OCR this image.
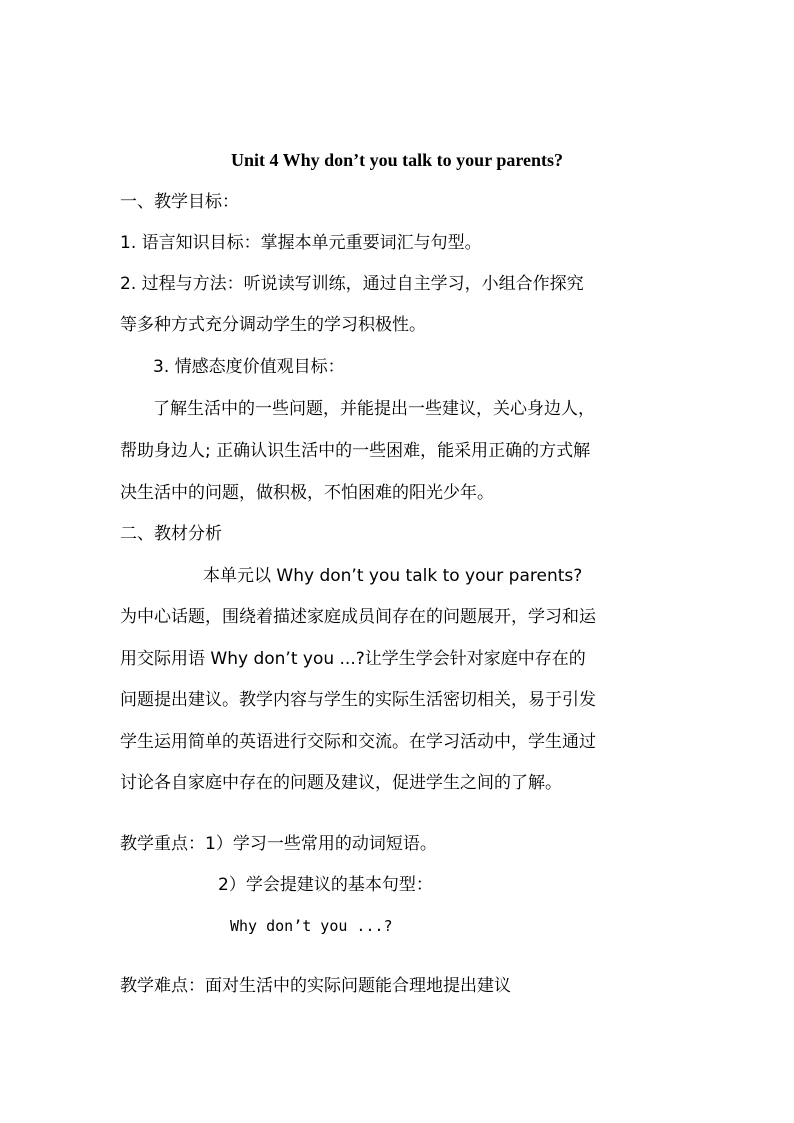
Unit 4 Why don’t you talk to your parents?
一、教学目标：
1. 语言知识目标：掌握本单元重要词汇与句型。
2. 过程与方法：听说读写训练，通过自主学习，小组合作探究
等多种方式充分调动学生的学习积极性。
3. 情感态度价值观目标：
了解生活中的一些问题，并能提出一些建议，关心身边人，
帮助身边人; 正确认识生活中的一些困难，能采用正确的方式解
决生活中的问题，做积极，不怕困难的阳光少年。
二、教材分析
本单元以 Why don’t you talk to your parents?
为中心话题，围绕着描述家庭成员间存在的问题展开，学习和运
用交际用语 Why don’t you ...?让学生学会针对家庭中存在的
问题提出建议。教学内容与学生的实际生活密切相关，易于引发
学生运用简单的英语进行交际和交流。在学习活动中，学生通过
讨论各自家庭中存在的问题及建议，促进学生之间的了解。
教学重点：1）学习一些常用的动词短语。
2）学会提建议的基本句型：
Why don’t you ...?
教学难点：面对生活中的实际问题能合理地提出建议
